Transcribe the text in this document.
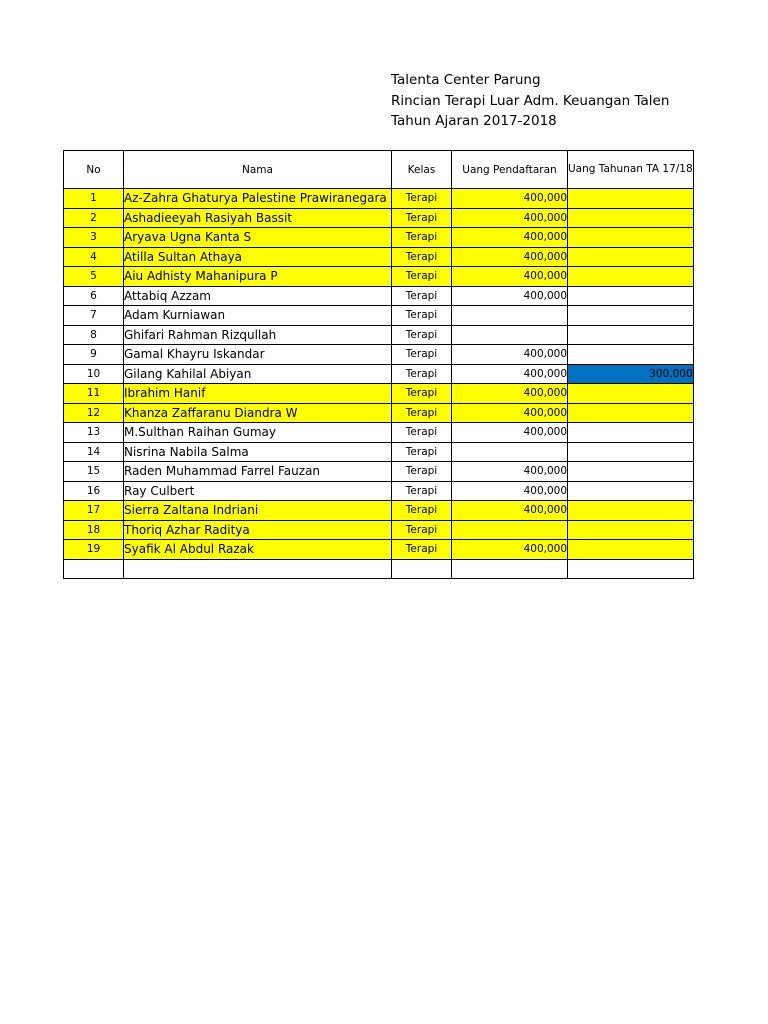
Talenta Center Parung
Rincian Terapi Luar Adm. Keuangan Talen
Tahun Ajaran 2017-2018
No	Nama	Kelas	Uang Pendaftaran	Uang Tahunan TA 17/18
1	Az-Zahra Ghaturya Palestine Prawiranegara	Terapi	400,000	
2	Ashadieeyah Rasiyah Bassit	Terapi	400,000	
3	Aryava Ugna Kanta S	Terapi	400,000	
4	Atilla Sultan Athaya	Terapi	400,000	
5	Aiu Adhisty Mahanipura P	Terapi	400,000	
6	Attabiq Azzam	Terapi	400,000	
7	Adam Kurniawan	Terapi		
8	Ghifari Rahman Rizqullah	Terapi		
9	Gamal Khayru Iskandar	Terapi	400,000	
10	Gilang Kahilal Abiyan	Terapi	400,000	300,000
11	Ibrahim Hanif	Terapi	400,000	
12	Khanza Zaffaranu Diandra W	Terapi	400,000	
13	M.Sulthan Raihan Gumay	Terapi	400,000	
14	Nisrina Nabila Salma	Terapi		
15	Raden Muhammad Farrel Fauzan	Terapi	400,000	
16	Ray Culbert	Terapi	400,000	
17	Sierra Zaltana Indriani	Terapi	400,000	
18	Thoriq Azhar Raditya	Terapi		
19	Syafik Al Abdul Razak	Terapi	400,000	
